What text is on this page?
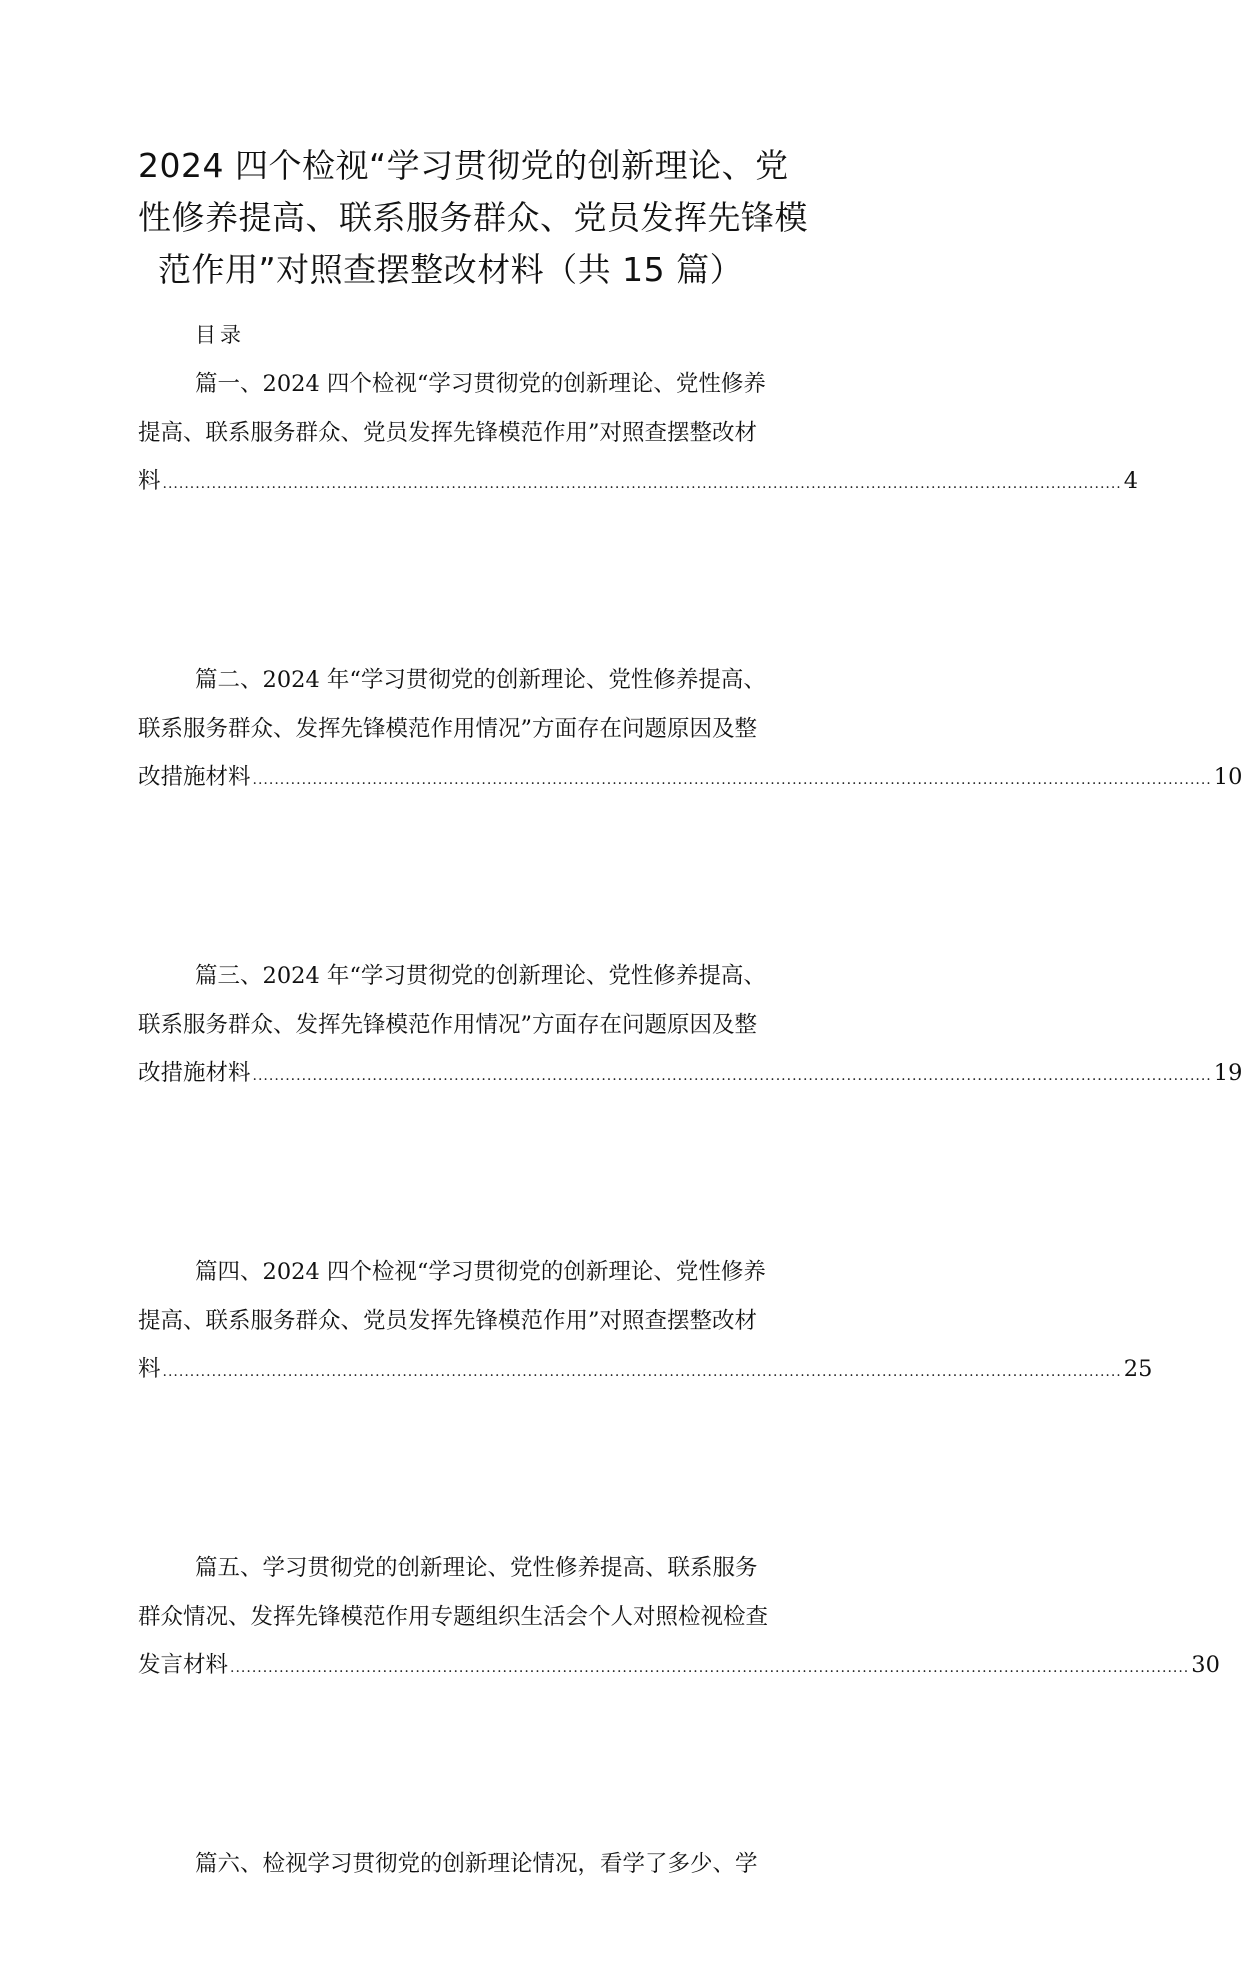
2024 四个检视“学习贯彻党的创新理论、党
性修养提高、联系服务群众、党员发挥先锋模
范作用”对照查摆整改材料（共 15 篇）

目录

篇一、2024 四个检视“学习贯彻党的创新理论、党性修养
提高、联系服务群众、党员发挥先锋模范作用”对照查摆整改材
料 ................................................................................................................................................................................ 4
篇二、2024 年“学习贯彻党的创新理论、党性修养提高、
联系服务群众、发挥先锋模范作用情况”方面存在问题原因及整
改措施材料 ................................................................................................................................................................................ 10
篇三、2024 年“学习贯彻党的创新理论、党性修养提高、
联系服务群众、发挥先锋模范作用情况”方面存在问题原因及整
改措施材料 ................................................................................................................................................................................ 19
篇四、2024 四个检视“学习贯彻党的创新理论、党性修养
提高、联系服务群众、党员发挥先锋模范作用”对照查摆整改材
料 ................................................................................................................................................................................ 25
篇五、学习贯彻党的创新理论、党性修养提高、联系服务
群众情况、发挥先锋模范作用专题组织生活会个人对照检视检查
发言材料 ................................................................................................................................................................................ 30
篇六、检视学习贯彻党的创新理论情况，看学了多少、学
